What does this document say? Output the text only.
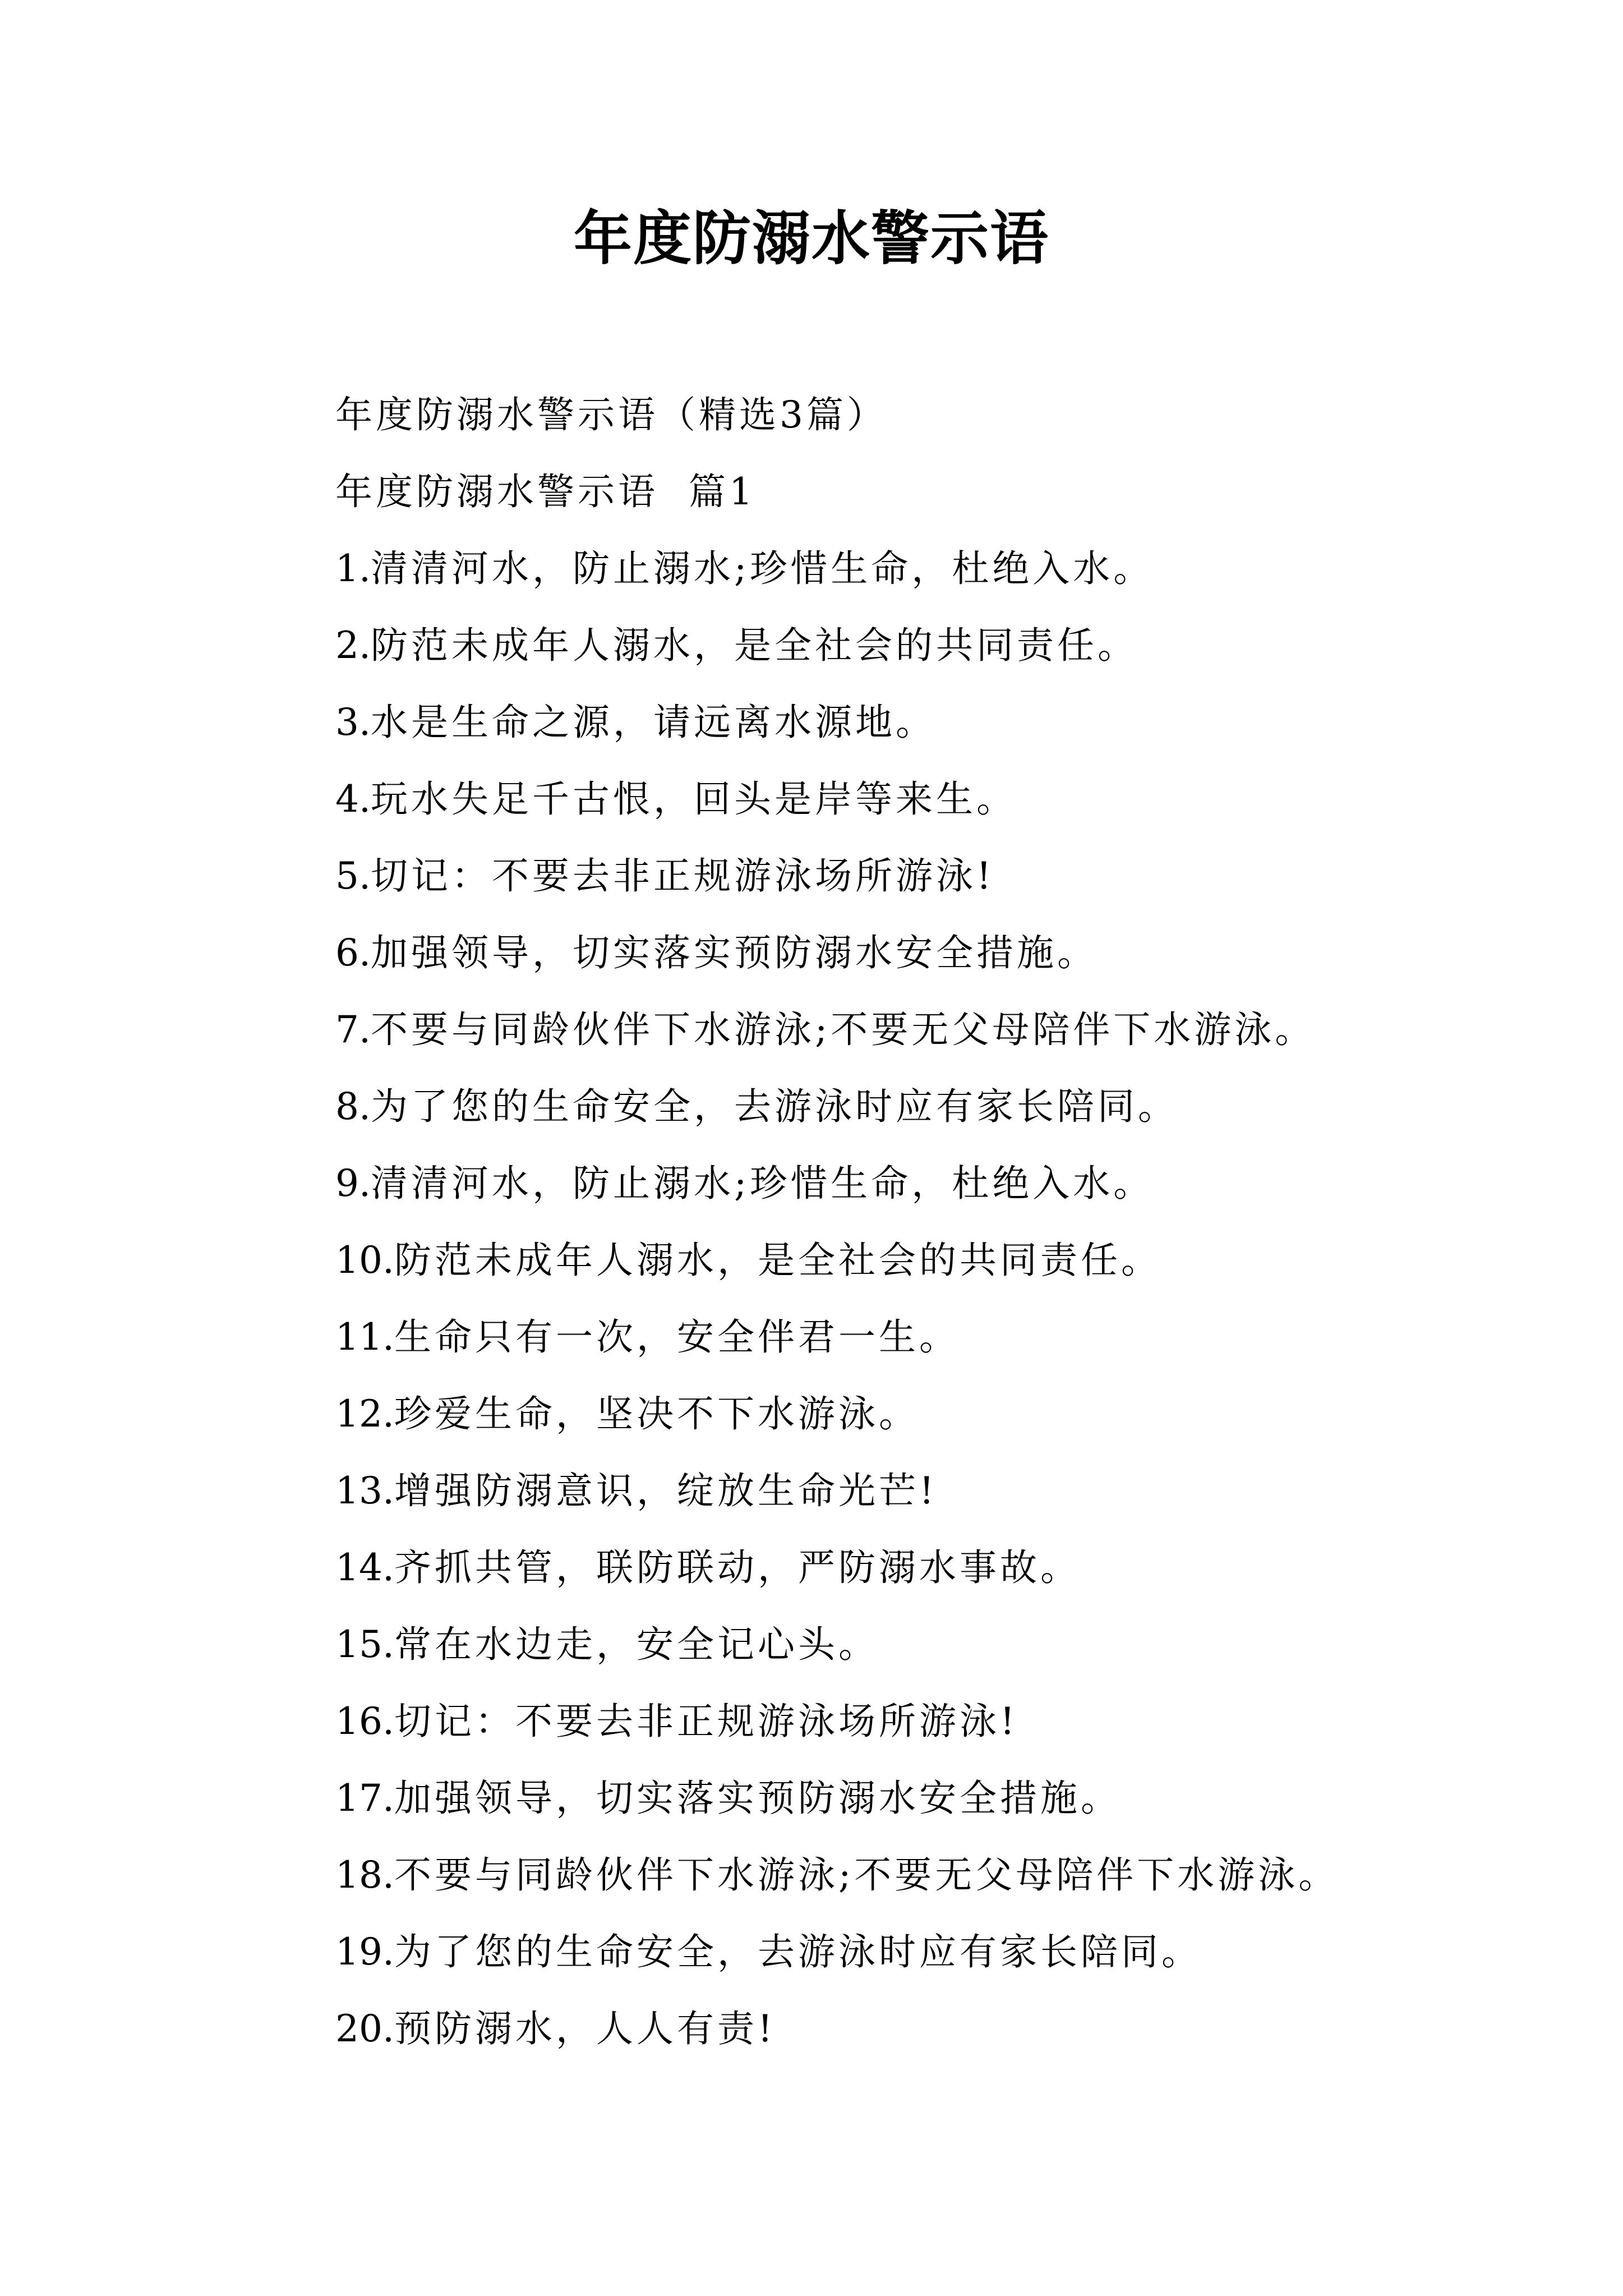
年度防溺水警示语
年度防溺水警示语（精选3篇）
年度防溺水警示语  篇1
1.清清河水，防止溺水;珍惜生命，杜绝入水。
2.防范未成年人溺水，是全社会的共同责任。
3.水是生命之源，请远离水源地。
4.玩水失足千古恨，回头是岸等来生。
5.切记：不要去非正规游泳场所游泳!
6.加强领导，切实落实预防溺水安全措施。
7.不要与同龄伙伴下水游泳;不要无父母陪伴下水游泳。
8.为了您的生命安全，去游泳时应有家长陪同。
9.清清河水，防止溺水;珍惜生命，杜绝入水。
10.防范未成年人溺水，是全社会的共同责任。
11.生命只有一次，安全伴君一生。
12.珍爱生命，坚决不下水游泳。
13.增强防溺意识，绽放生命光芒!
14.齐抓共管，联防联动，严防溺水事故。
15.常在水边走，安全记心头。
16.切记：不要去非正规游泳场所游泳!
17.加强领导，切实落实预防溺水安全措施。
18.不要与同龄伙伴下水游泳;不要无父母陪伴下水游泳。
19.为了您的生命安全，去游泳时应有家长陪同。
20.预防溺水，人人有责!
